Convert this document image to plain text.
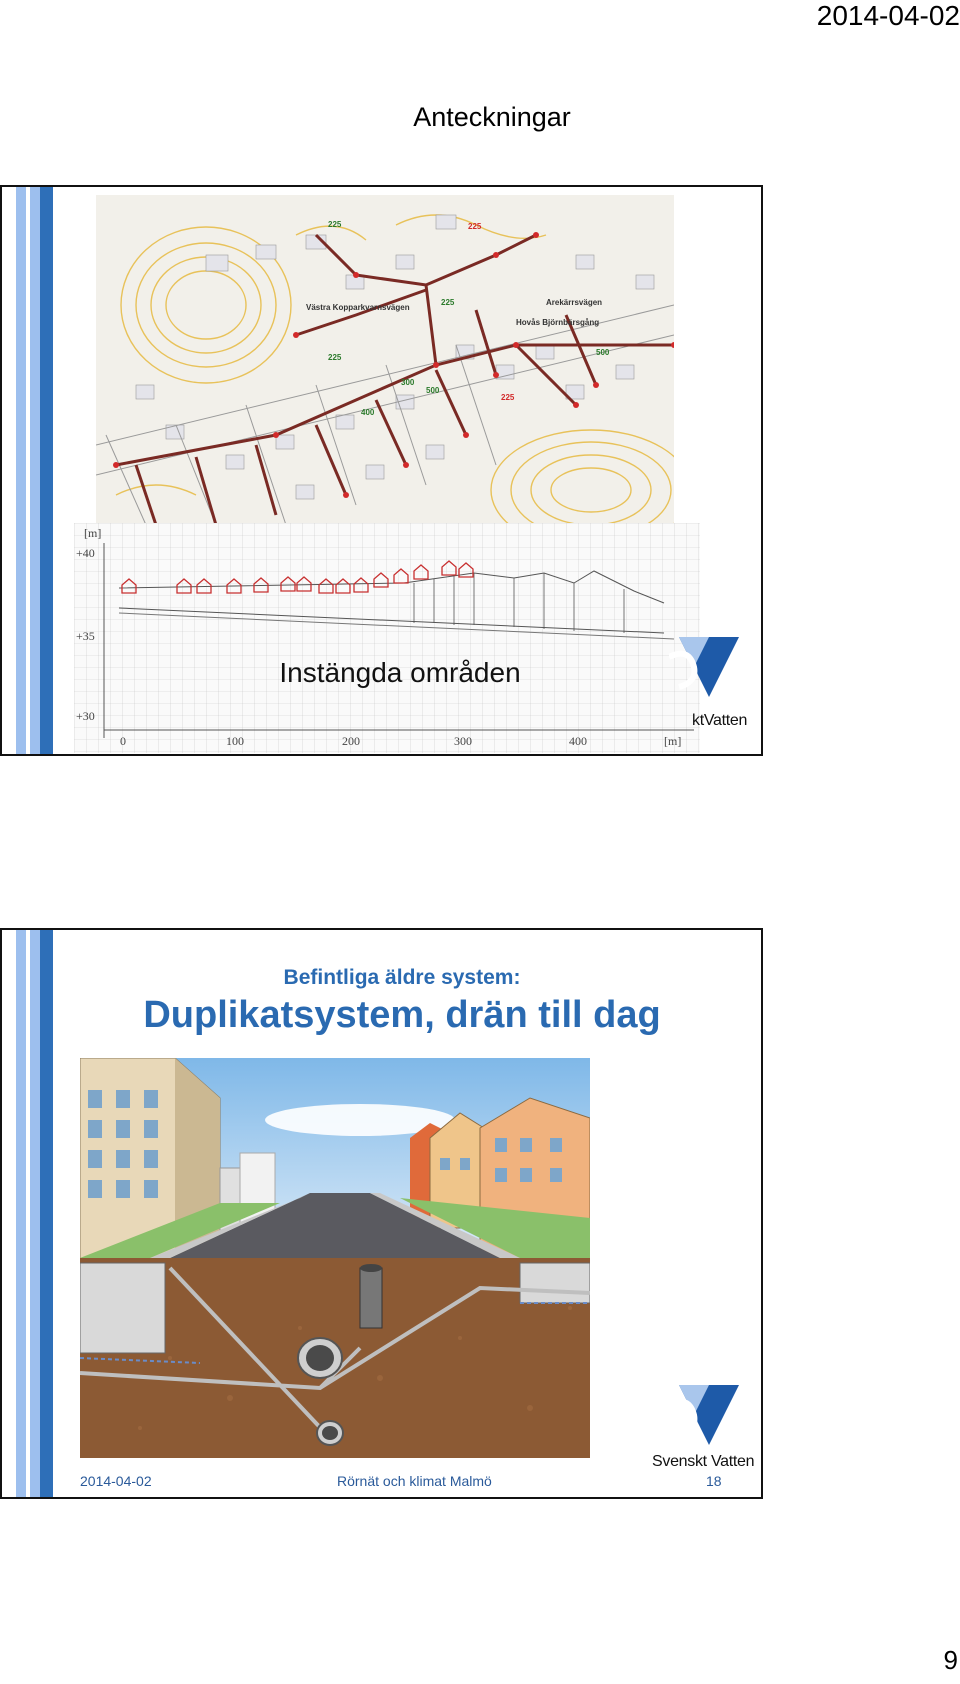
2014-04-02
Anteckningar
225
225
225
225
500
500
400
300
225
Arekärrsvägen
Hovås Björnbärsgång
Västra Kopparkvarnsvägen
[m]
+40
+35
+30
0	100	200	300	400	[m]
Instängda områden
ktVatten
Befintliga äldre system:
Duplikatsystem, drän till dag
Svenskt Vatten
2014-04-02	Rörnät och klimat Malmö	18
9
